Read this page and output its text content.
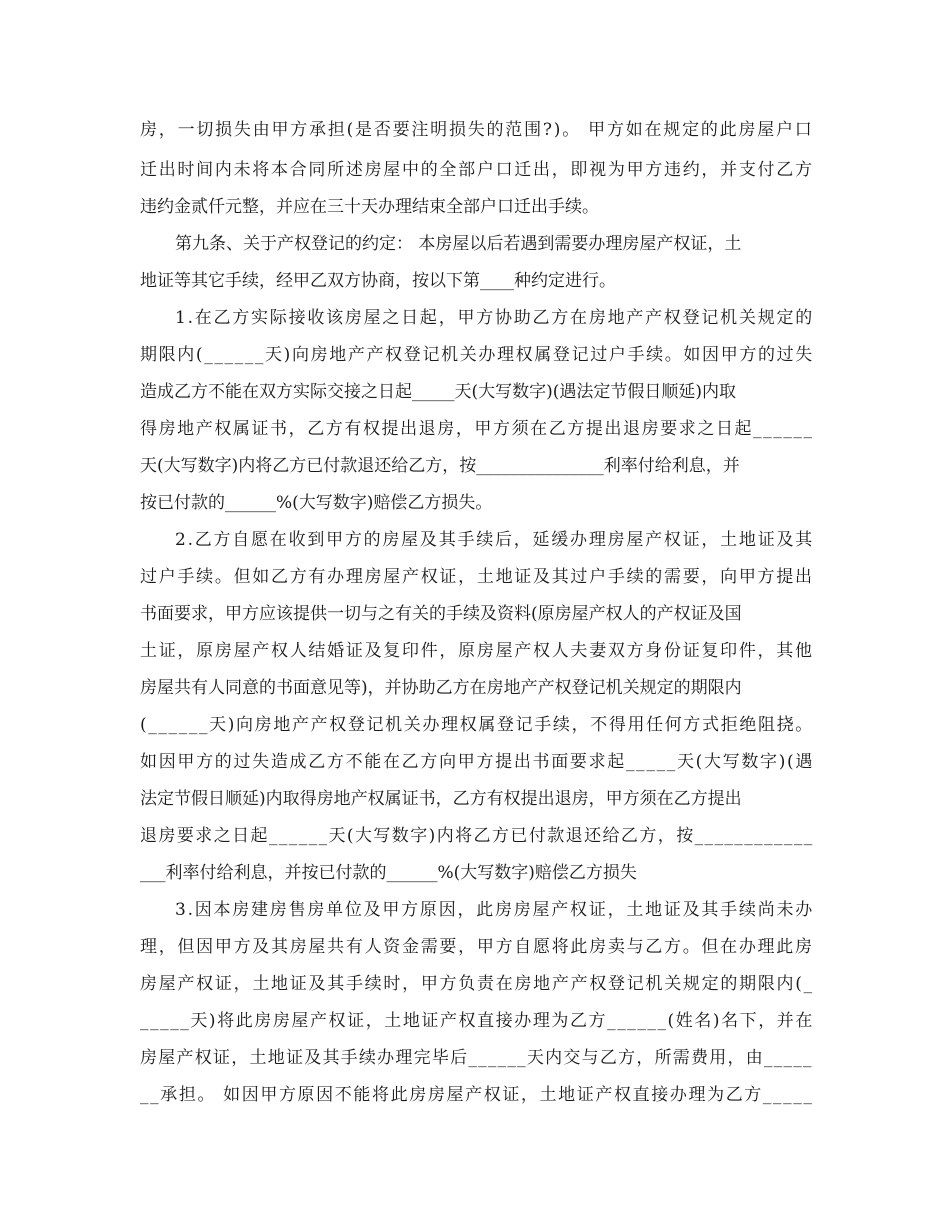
房，一切损失由甲方承担(是否要注明损失的范围?)。 甲方如在规定的此房屋户口
迁出时间内未将本合同所述房屋中的全部户口迁出，即视为甲方违约，并支付乙方
违约金贰仟元整，并应在三十天办理结束全部户口迁出手续。
第九条、关于产权登记的约定： 本房屋以后若遇到需要办理房屋产权证，土
地证等其它手续，经甲乙双方协商，按以下第____种约定进行。
1.在乙方实际接收该房屋之日起，甲方协助乙方在房地产产权登记机关规定的
期限内(______天)向房地产产权登记机关办理权属登记过户手续。如因甲方的过失
造成乙方不能在双方实际交接之日起_____天(大写数字)(遇法定节假日顺延)内取
得房地产权属证书，乙方有权提出退房，甲方须在乙方提出退房要求之日起______
天(大写数字)内将乙方已付款退还给乙方，按_______________利率付给利息，并
按已付款的______%(大写数字)赔偿乙方损失。
2.乙方自愿在收到甲方的房屋及其手续后，延缓办理房屋产权证，土地证及其
过户手续。但如乙方有办理房屋产权证，土地证及其过户手续的需要，向甲方提出
书面要求，甲方应该提供一切与之有关的手续及资料(原房屋产权人的产权证及国
土证，原房屋产权人结婚证及复印件，原房屋产权人夫妻双方身份证复印件，其他
房屋共有人同意的书面意见等)，并协助乙方在房地产产权登记机关规定的期限内
(______天)向房地产产权登记机关办理权属登记手续，不得用任何方式拒绝阻挠。
如因甲方的过失造成乙方不能在乙方向甲方提出书面要求起_____天(大写数字)(遇
法定节假日顺延)内取得房地产权属证书，乙方有权提出退房，甲方须在乙方提出
退房要求之日起______天(大写数字)内将乙方已付款退还给乙方，按____________
___利率付给利息，并按已付款的______%(大写数字)赔偿乙方损失
3.因本房建房售房单位及甲方原因，此房房屋产权证，土地证及其手续尚未办
理，但因甲方及其房屋共有人资金需要，甲方自愿将此房卖与乙方。但在办理此房
房屋产权证，土地证及其手续时，甲方负责在房地产产权登记机关规定的期限内(_
_____天)将此房房屋产权证，土地证产权直接办理为乙方______(姓名)名下，并在
房屋产权证，土地证及其手续办理完毕后______天内交与乙方，所需费用，由_____
__承担。 如因甲方原因不能将此房房屋产权证，土地证产权直接办理为乙方_____
